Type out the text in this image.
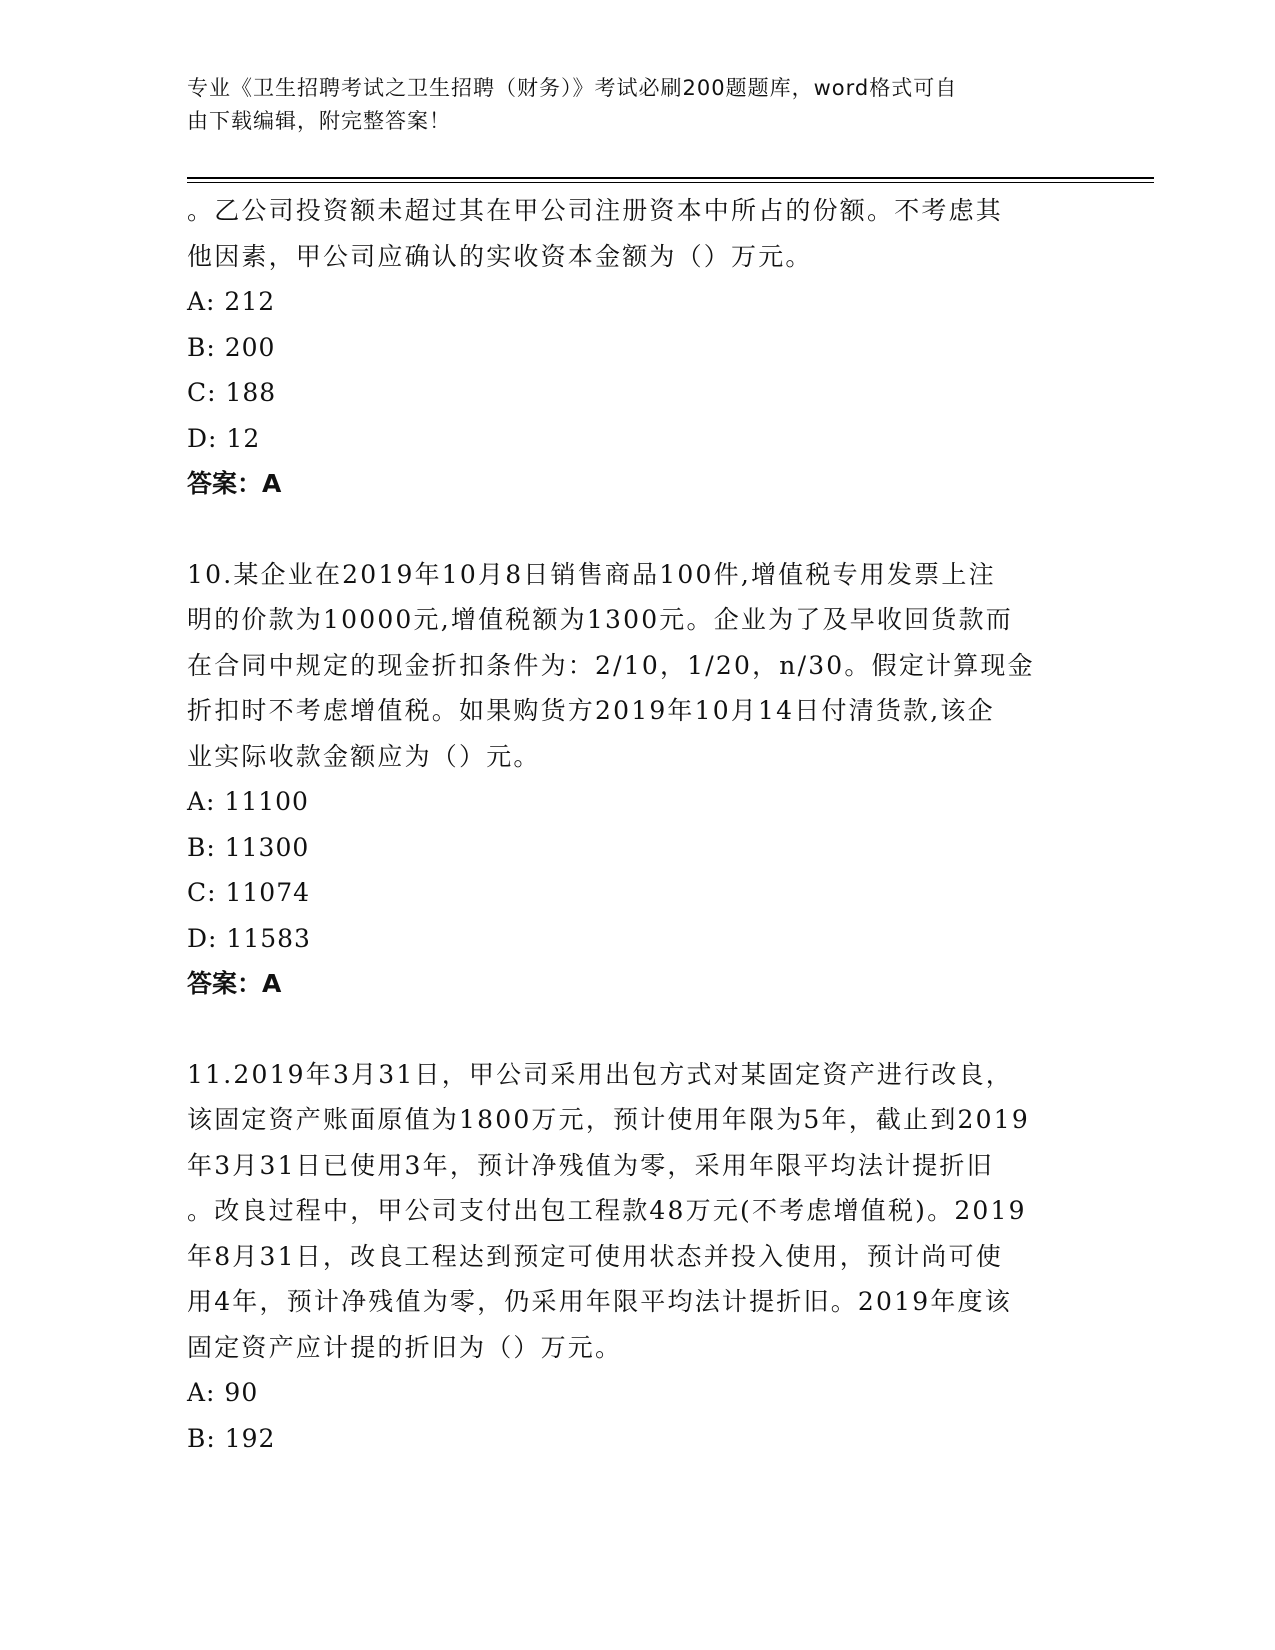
专业《卫生招聘考试之卫生招聘（财务）》考试必刷200题题库，word格式可自
由下载编辑，附完整答案！

。乙公司投资额未超过其在甲公司注册资本中所占的份额。不考虑其

他因素，甲公司应确认的实收资本金额为（）万元。

A: 212

B: 200

C: 188

D: 12

答案：A

10.某企业在2019年10月8日销售商品100件,增值税专用发票上注

明的价款为10000元,增值税额为1300元。企业为了及早收回货款而

在合同中规定的现金折扣条件为：2/10，1/20，n/30。假定计算现金

折扣时不考虑增值税。如果购货方2019年10月14日付清货款,该企

业实际收款金额应为（）元。

A: 11100

B: 11300

C: 11074

D: 11583

答案：A

11.2019年3月31日，甲公司采用出包方式对某固定资产进行改良，

该固定资产账面原值为1800万元，预计使用年限为5年，截止到2019

年3月31日已使用3年，预计净残值为零，采用年限平均法计提折旧

。改良过程中，甲公司支付出包工程款48万元(不考虑增值税)。2019

年8月31日，改良工程达到预定可使用状态并投入使用，预计尚可使

用4年，预计净残值为零，仍采用年限平均法计提折旧。2019年度该

固定资产应计提的折旧为（）万元。

A: 90

B: 192
